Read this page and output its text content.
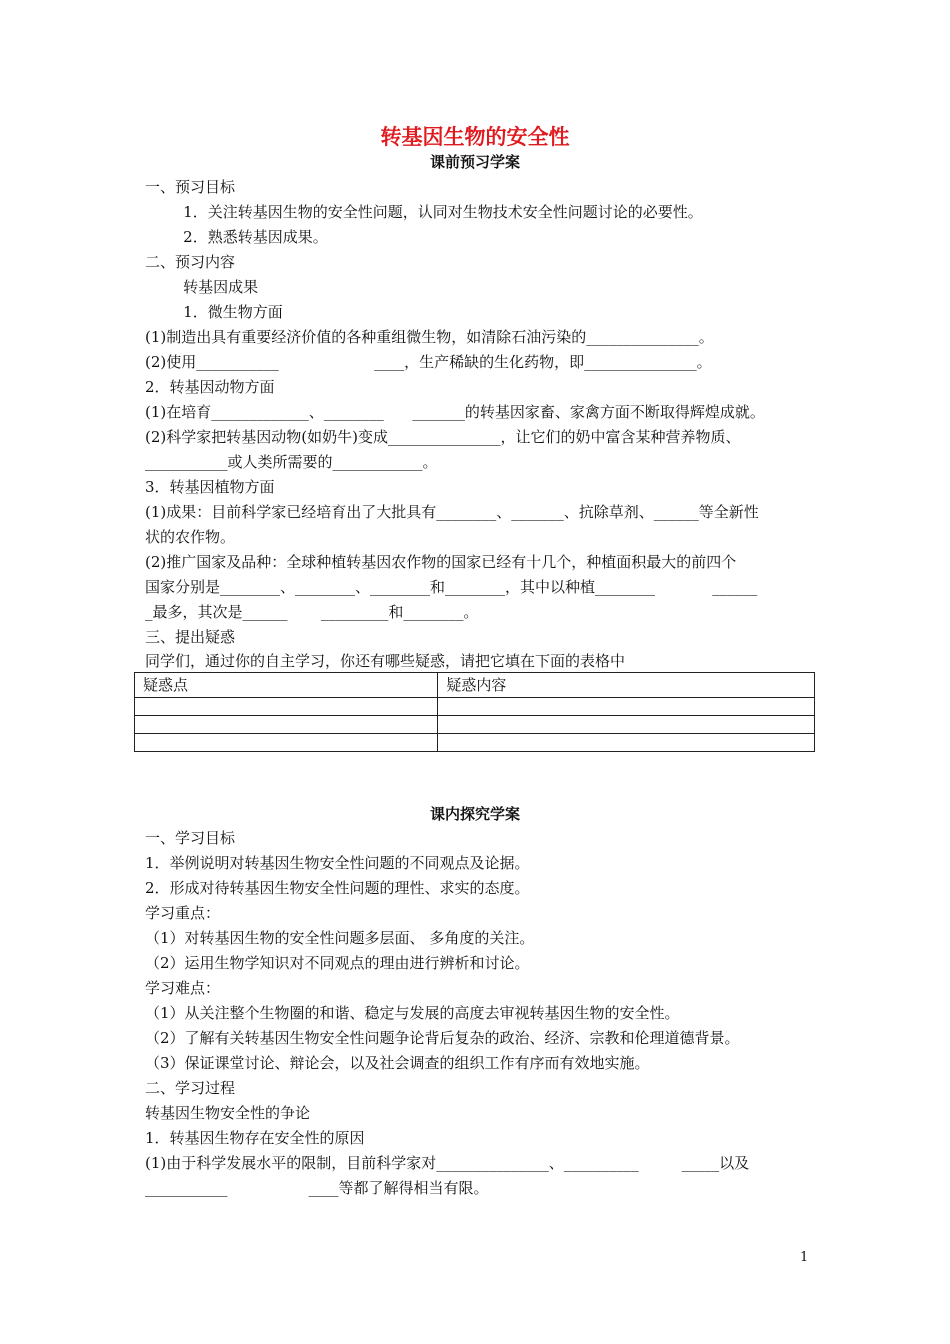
转基因生物的安全性
课前预习学案
一、预习目标
1．关注转基因生物的安全性问题，认同对生物技术安全性问题讨论的必要性。
2．熟悉转基因成果。
二、预习内容
转基因成果
1．微生物方面
(1)制造出具有重要经济价值的各种重组微生物，如清除石油污染的_______________。
(2)使用___________                    ____，生产稀缺的生化药物，即_______________。
2．转基因动物方面
(1)在培育_____________、________      _______的转基因家畜、家禽方面不断取得辉煌成就。
(2)科学家把转基因动物(如奶牛)变成_______________，让它们的奶中富含某种营养物质、
___________或人类所需要的____________。
3．转基因植物方面
(1)成果：目前科学家已经培育出了大批具有________、_______、抗除草剂、______等全新性
状的农作物。
(2)推广国家及品种：全球种植转基因农作物的国家已经有十几个，种植面积最大的前四个
国家分别是________、________、________和________，其中以种植________            ______
_最多，其次是______       _________和________。
三、提出疑惑
同学们，通过你的自主学习，你还有哪些疑惑，请把它填在下面的表格中
疑惑点	疑惑内容

课内探究学案
一、学习目标
1．举例说明对转基因生物安全性问题的不同观点及论据。
2．形成对待转基因生物安全性问题的理性、求实的态度。
学习重点：
（1）对转基因生物的安全性问题多层面、 多角度的关注。
（2）运用生物学知识对不同观点的理由进行辨析和讨论。
学习难点：
（1）从关注整个生物圈的和谐、稳定与发展的高度去审视转基因生物的安全性。
（2）了解有关转基因生物安全性问题争论背后复杂的政治、经济、宗教和伦理道德背景。
（3）保证课堂讨论、辩论会，以及社会调查的组织工作有序而有效地实施。
二、学习过程
转基因生物安全性的争论
1．转基因生物存在安全性的原因
(1)由于科学发展水平的限制，目前科学家对_______________、__________         _____以及
___________                 ____等都了解得相当有限。
1
